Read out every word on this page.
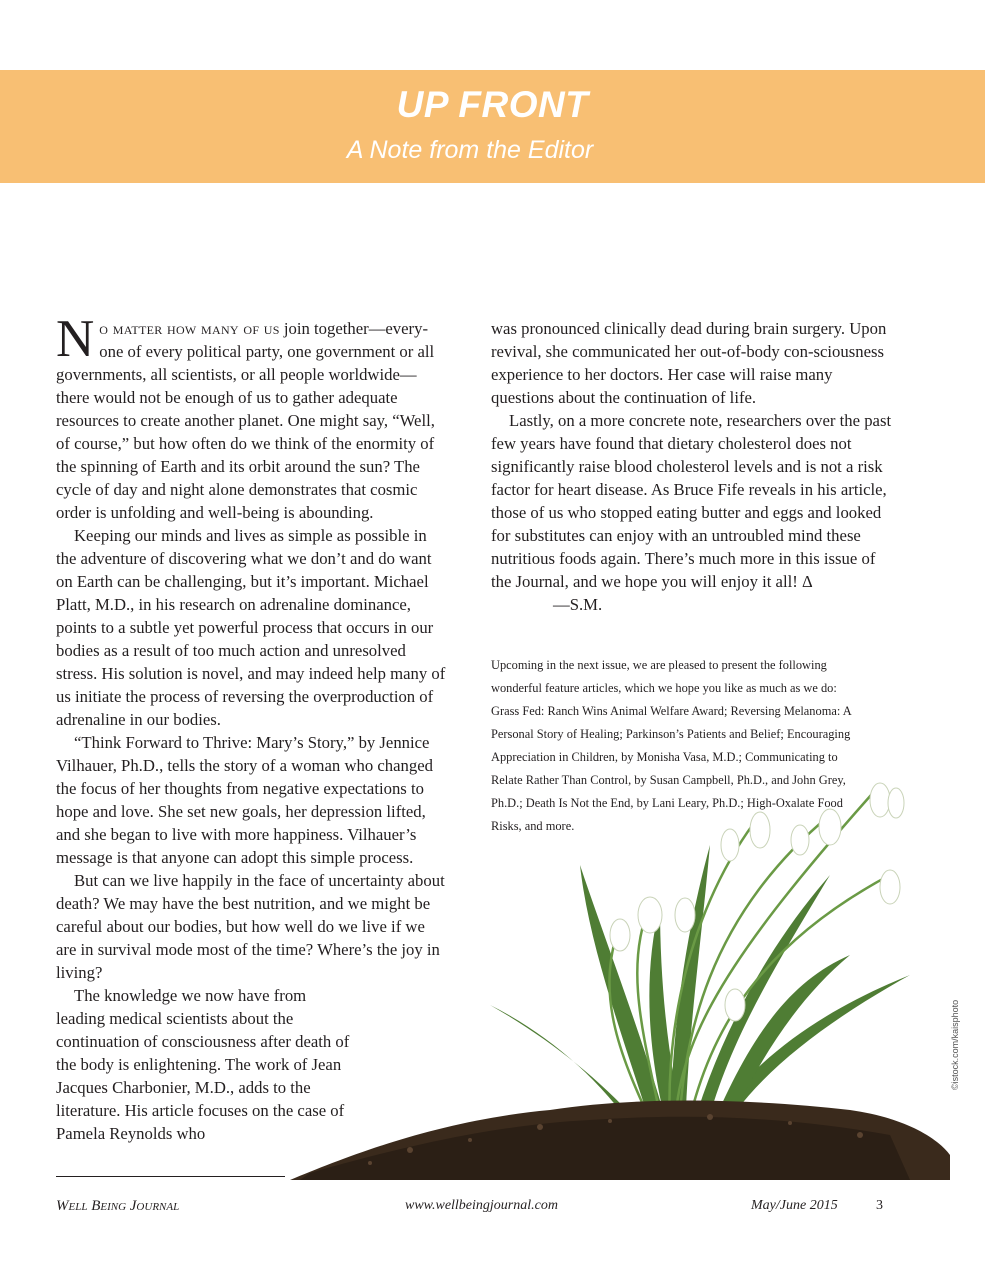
UP FRONT
A Note from the Editor

No matter how many of us join together—every-one of every political party, one government or all governments, all scientists, or all people worldwide—there would not be enough of us to gather adequate resources to create another planet. One might say, “Well, of course,” but how often do we think of the enormity of the spinning of Earth and its orbit around the sun? The cycle of day and night alone demonstrates that cosmic order is unfolding and well-being is abounding.

Keeping our minds and lives as simple as possible in the adventure of discovering what we don’t and do want on Earth can be challenging, but it’s important. Michael Platt, M.D., in his research on adrenaline dominance, points to a subtle yet powerful process that occurs in our bodies as a result of too much action and unresolved stress. His solution is novel, and may indeed help many of us initiate the process of reversing the overproduction of adrenaline in our bodies.

“Think Forward to Thrive: Mary’s Story,” by Jennice Vilhauer, Ph.D., tells the story of a woman who changed the focus of her thoughts from negative expectations to hope and love. She set new goals, her depression lifted, and she began to live with more happiness. Vilhauer’s message is that anyone can adopt this simple process.

But can we live happily in the face of uncertainty about death? We may have the best nutrition, and we might be careful about our bodies, but how well do we live if we are in survival mode most of the time? Where’s the joy in living?

The knowledge we now have from leading medical scientists about the continuation of consciousness after death of the body is enlightening. The work of Jean Jacques Charbonier, M.D., adds to the literature. His article focuses on the case of Pamela Reynolds who

was pronounced clinically dead during brain surgery. Upon revival, she communicated her out-of-body con-sciousness experience to her doctors. Her case will raise many questions about the continuation of life.

Lastly, on a more concrete note, researchers over the past few years have found that dietary cholesterol does not significantly raise blood cholesterol levels and is not a risk factor for heart disease. As Bruce Fife reveals in his article, those of us who stopped eating butter and eggs and looked for substitutes can enjoy with an untroubled mind these nutritious foods again. There’s much more in this issue of the Journal, and we hope you will enjoy it all! Δ

—S.M.

Upcoming in the next issue, we are pleased to present the following wonderful feature articles, which we hope you like as much as we do: Grass Fed: Ranch Wins Animal Welfare Award; Reversing Melanoma: A Personal Story of Healing; Parkinson’s Patients and Belief; Encouraging Appreciation in Children, by Monisha Vasa, M.D.; Communicating to Relate Rather Than Control, by Susan Campbell, Ph.D., and John Grey, Ph.D.; Death Is Not the End, by Lani Leary, Ph.D.; High-Oxalate Food Risks, and more.

©istock.com/kaisphoto
Well Being Journal	www.wellbeingjournal.com	May/June 2015	3
